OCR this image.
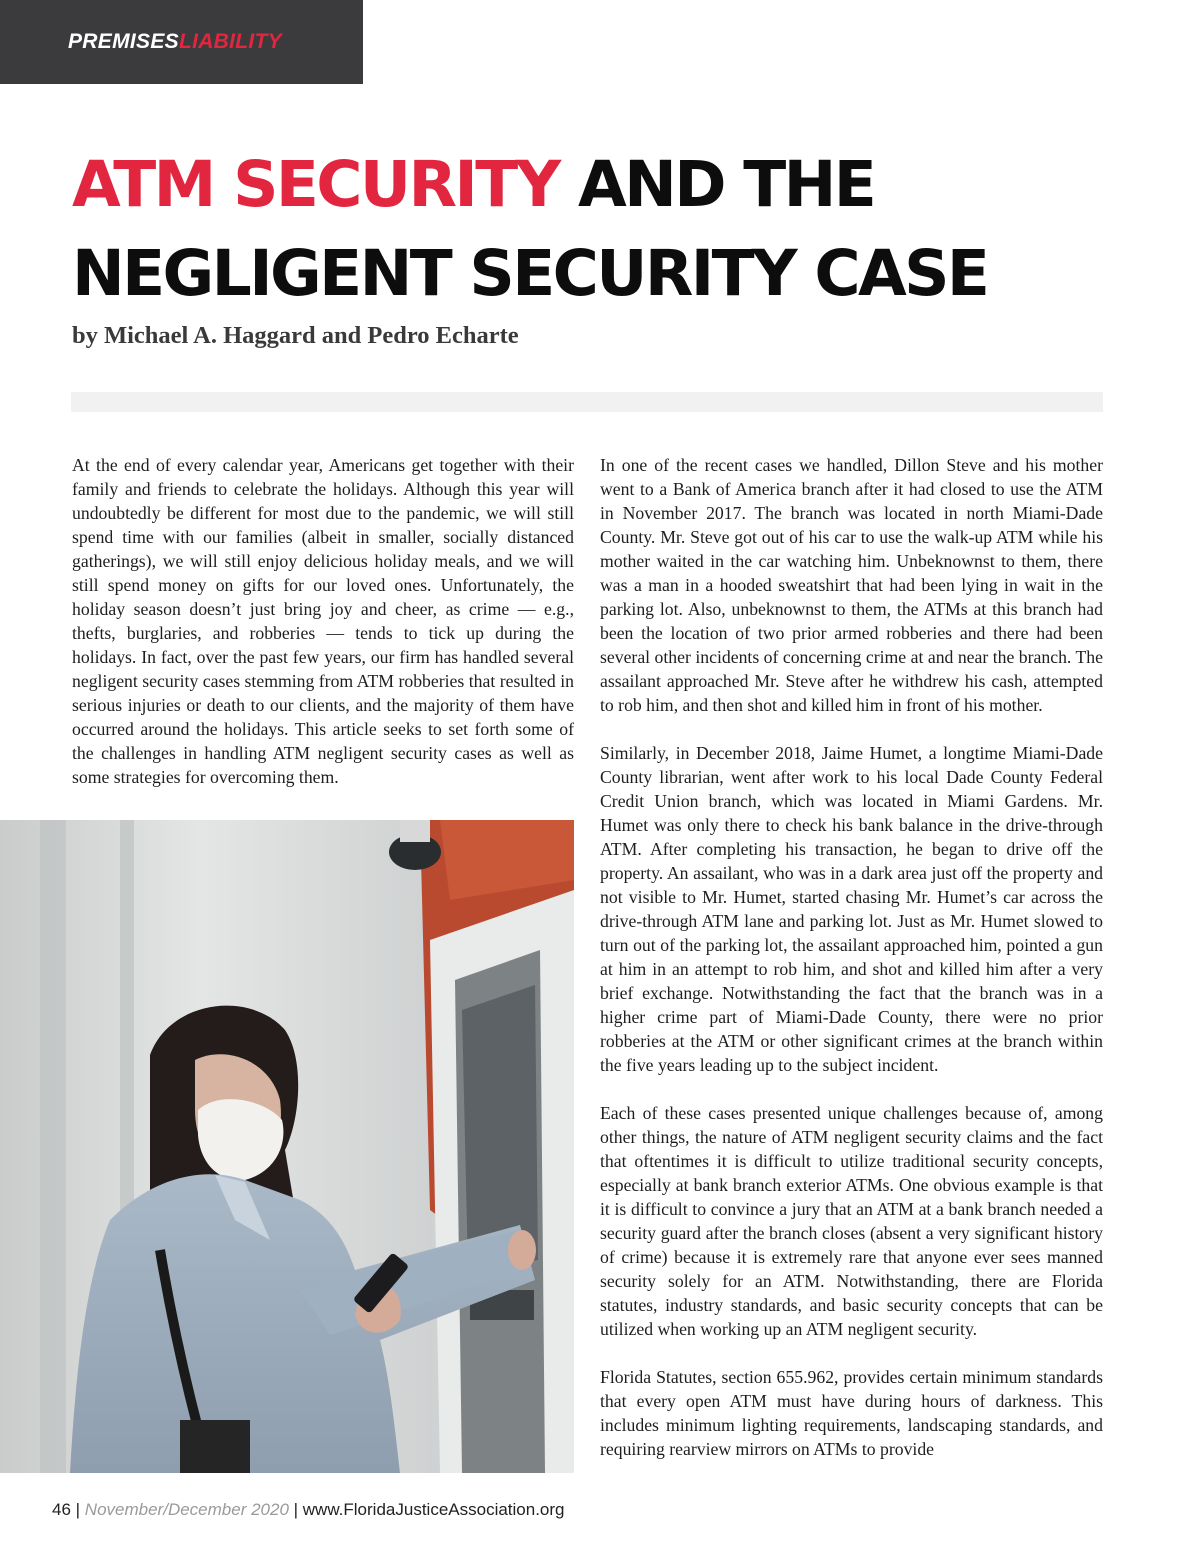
PREMISESLIABILITY
ATM SECURITY AND THE
NEGLIGENT SECURITY CASE
by Michael A. Haggard and Pedro Echarte

At the end of every calendar year, Americans get together with their family and friends to celebrate the holidays. Although this year will undoubtedly be different for most due to the pandemic, we will still spend time with our families (albeit in smaller, socially distanced gatherings), we will still enjoy delicious holiday meals, and we will still spend money on gifts for our loved ones. Unfortunately, the holiday season doesn’t just bring joy and cheer, as crime — e.g., thefts, burglaries, and robberies — tends to tick up during the holidays. In fact, over the past few years, our firm has handled several negligent security cases stemming from ATM robberies that resulted in serious injuries or death to our clients, and the majority of them have occurred around the holidays. This article seeks to set forth some of the challenges in handling ATM negligent security cases as well as some strategies for overcoming them.

In one of the recent cases we handled, Dillon Steve and his mother went to a Bank of America branch after it had closed to use the ATM in November 2017. The branch was located in north Miami-Dade County. Mr. Steve got out of his car to use the walk-up ATM while his mother waited in the car watching him. Unbeknownst to them, there was a man in a hooded sweatshirt that had been lying in wait in the parking lot. Also, unbeknownst to them, the ATMs at this branch had been the location of two prior armed robberies and there had been several other incidents of concerning crime at and near the branch. The assailant approached Mr. Steve after he withdrew his cash, attempted to rob him, and then shot and killed him in front of his mother.

Similarly, in December 2018, Jaime Humet, a longtime Miami-Dade County librarian, went after work to his local Dade County Federal Credit Union branch, which was located in Miami Gardens. Mr. Humet was only there to check his bank balance in the drive-through ATM. After completing his transaction, he began to drive off the property. An assailant, who was in a dark area just off the property and not visible to Mr. Humet, started chasing Mr. Humet’s car across the drive-through ATM lane and parking lot. Just as Mr. Humet slowed to turn out of the parking lot, the assailant approached him, pointed a gun at him in an attempt to rob him, and shot and killed him after a very brief exchange. Notwithstanding the fact that the branch was in a higher crime part of Miami-Dade County, there were no prior robberies at the ATM or other significant crimes at the branch within the five years leading up to the subject incident.

Each of these cases presented unique challenges because of, among other things, the nature of ATM negligent security claims and the fact that oftentimes it is difficult to utilize traditional security concepts, especially at bank branch exterior ATMs. One obvious example is that it is difficult to convince a jury that an ATM at a bank branch needed a security guard after the branch closes (absent a very significant history of crime) because it is extremely rare that anyone ever sees manned security solely for an ATM. Notwithstanding, there are Florida statutes, industry standards, and basic security concepts that can be utilized when working up an ATM negligent security.

Florida Statutes, section 655.962, provides certain minimum standards that every open ATM must have during hours of darkness. This includes minimum lighting requirements, landscaping standards, and requiring rearview mirrors on ATMs to provide

46 | November/December 2020 | www.FloridaJusticeAssociation.org
